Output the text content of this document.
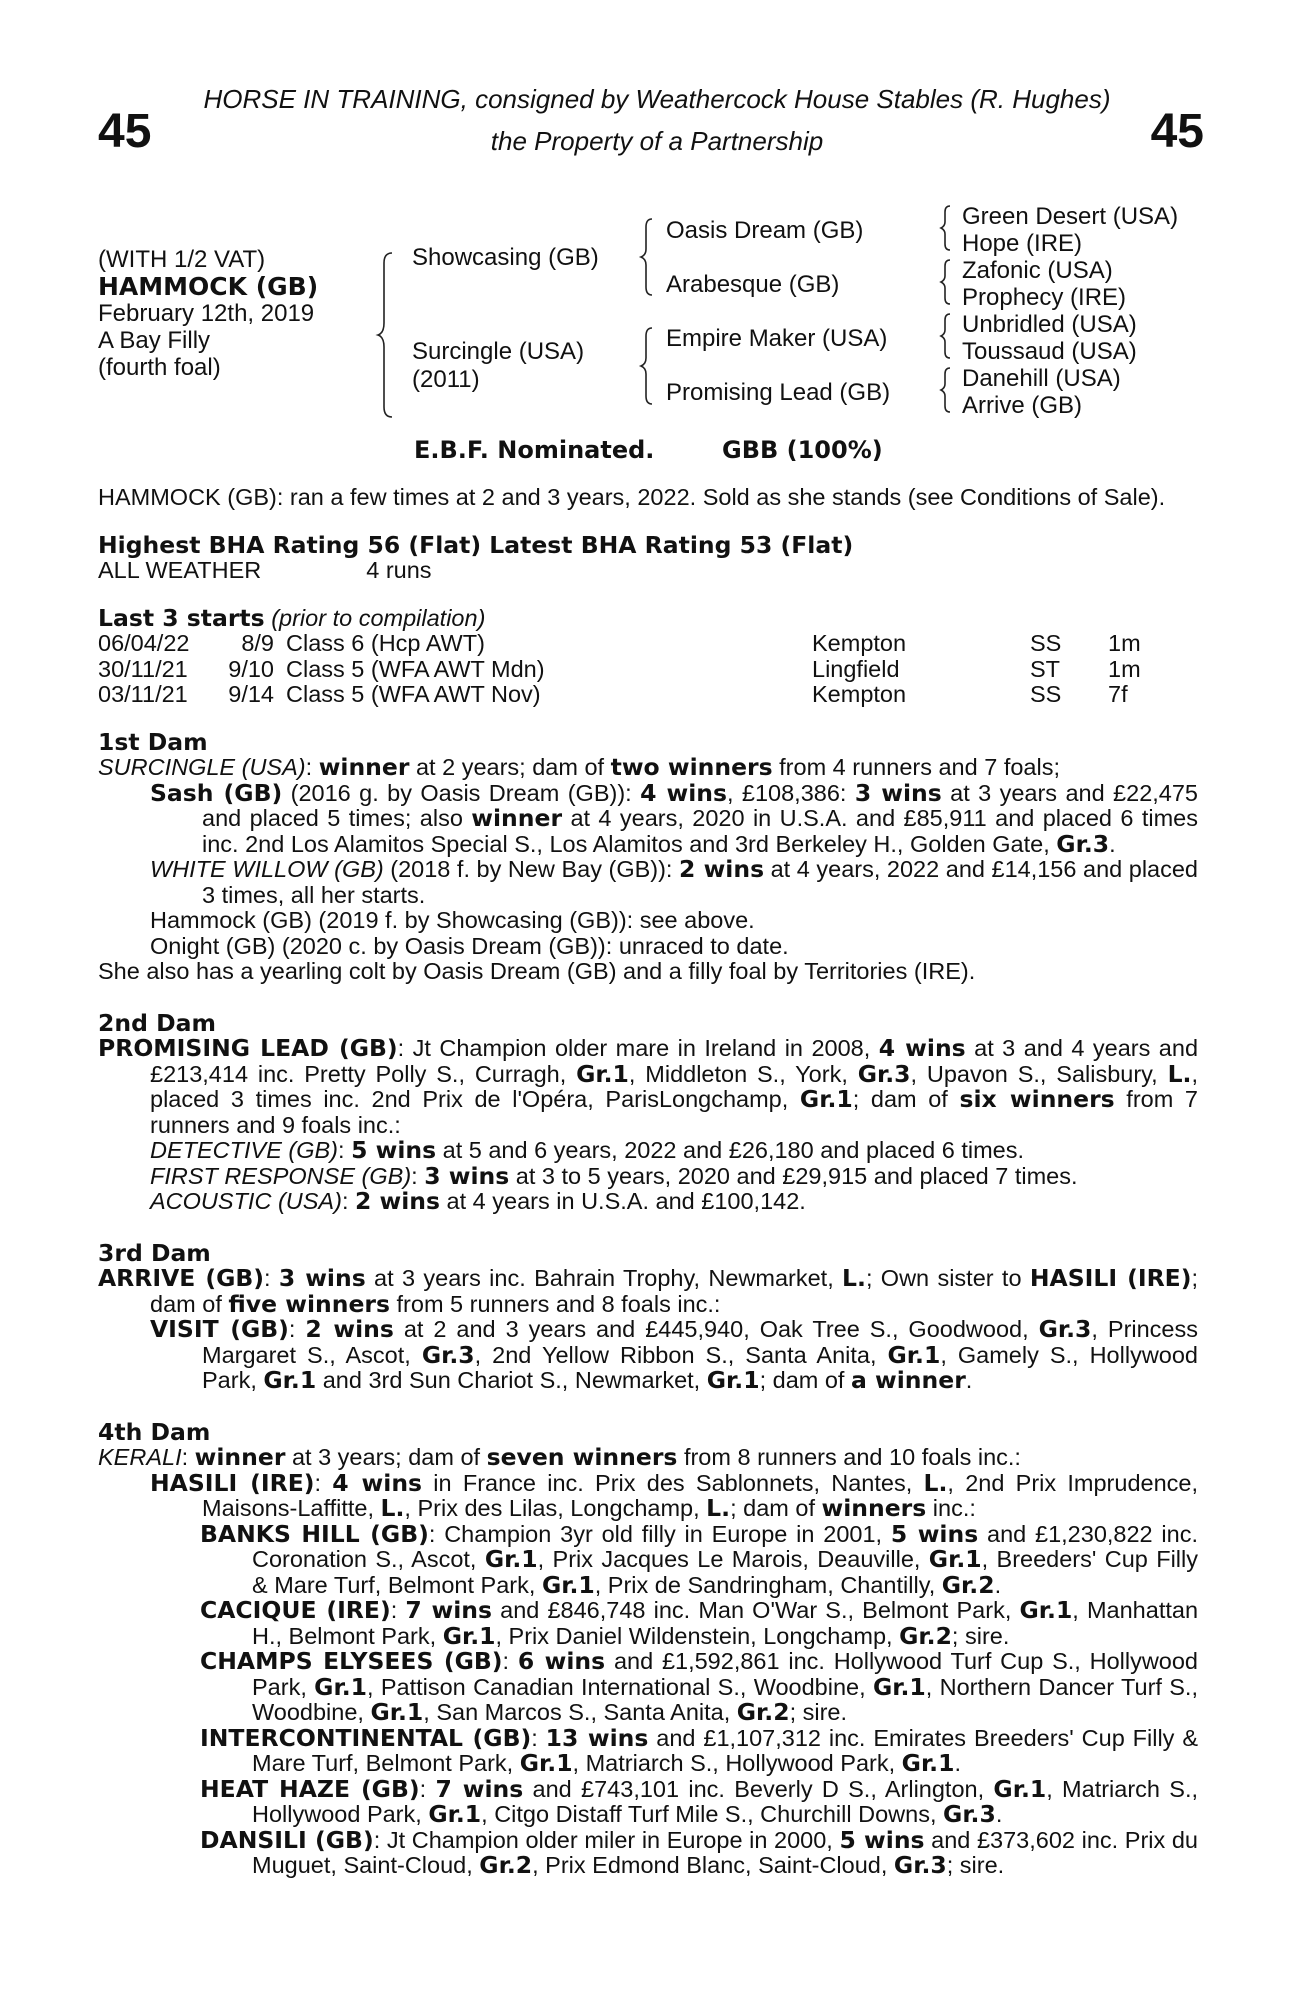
45	45
HORSE IN TRAINING, consigned by Weathercock House Stables (R. Hughes)
the Property of a Partnership
(WITH 1/2 VAT)
HAMMOCK (GB)
February 12th, 2019
A Bay Filly
(fourth foal)
Showcasing (GB)
Surcingle (USA)
(2011)
Oasis Dream (GB)
Arabesque (GB)
Empire Maker (USA)
Promising Lead (GB)
Green Desert (USA)
Hope (IRE)
Zafonic (USA)
Prophecy (IRE)
Unbridled (USA)
Toussaud (USA)
Danehill (USA)
Arrive (GB)
E.B.F. Nominated.	GBB (100%)

HAMMOCK (GB): ran a few times at 2 and 3 years, 2022. Sold as she stands (see Conditions of Sale).

Highest BHA Rating 56 (Flat) Latest BHA Rating 53 (Flat)

ALL WEATHER	4 runs

Last 3 starts (prior to compilation)

06/04/22	8/9	Class 6 (Hcp AWT)	Kempton	SS	1m
30/11/21	9/10	Class 5 (WFA AWT Mdn)	Lingfield	ST	1m
03/11/21	9/14	Class 5 (WFA AWT Nov)	Kempton	SS	7f

1st Dam

SURCINGLE (USA): winner at 2 years; dam of two winners from 4 runners and 7 foals;

Sash (GB) (2016 g. by Oasis Dream (GB)): 4 wins, £108,386: 3 wins at 3 years and £22,475 and placed 5 times; also winner at 4 years, 2020 in U.S.A. and £85,911 and placed 6 times inc. 2nd Los Alamitos Special S., Los Alamitos and 3rd Berkeley H., Golden Gate, Gr.3.

WHITE WILLOW (GB) (2018 f. by New Bay (GB)): 2 wins at 4 years, 2022 and £14,156 and placed 3 times, all her starts.

Hammock (GB) (2019 f. by Showcasing (GB)): see above.

Onight (GB) (2020 c. by Oasis Dream (GB)): unraced to date.

She also has a yearling colt by Oasis Dream (GB) and a filly foal by Territories (IRE).

2nd Dam

PROMISING LEAD (GB): Jt Champion older mare in Ireland in 2008, 4 wins at 3 and 4 years and £213,414 inc. Pretty Polly S., Curragh, Gr.1, Middleton S., York, Gr.3, Upavon S., Salisbury, L., placed 3 times inc. 2nd Prix de l'Opéra, ParisLongchamp, Gr.1; dam of six winners from 7 runners and 9 foals inc.:

DETECTIVE (GB): 5 wins at 5 and 6 years, 2022 and £26,180 and placed 6 times.

FIRST RESPONSE (GB): 3 wins at 3 to 5 years, 2020 and £29,915 and placed 7 times.

ACOUSTIC (USA): 2 wins at 4 years in U.S.A. and £100,142.

3rd Dam

ARRIVE (GB): 3 wins at 3 years inc. Bahrain Trophy, Newmarket, L.; Own sister to HASILI (IRE); dam of five winners from 5 runners and 8 foals inc.:

VISIT (GB): 2 wins at 2 and 3 years and £445,940, Oak Tree S., Goodwood, Gr.3, Princess Margaret S., Ascot, Gr.3, 2nd Yellow Ribbon S., Santa Anita, Gr.1, Gamely S., Hollywood Park, Gr.1 and 3rd Sun Chariot S., Newmarket, Gr.1; dam of a winner.

4th Dam

KERALI: winner at 3 years; dam of seven winners from 8 runners and 10 foals inc.:

HASILI (IRE): 4 wins in France inc. Prix des Sablonnets, Nantes, L., 2nd Prix Imprudence, Maisons-Laffitte, L., Prix des Lilas, Longchamp, L.; dam of winners inc.:

BANKS HILL (GB): Champion 3yr old filly in Europe in 2001, 5 wins and £1,230,822 inc. Coronation S., Ascot, Gr.1, Prix Jacques Le Marois, Deauville, Gr.1, Breeders' Cup Filly & Mare Turf, Belmont Park, Gr.1, Prix de Sandringham, Chantilly, Gr.2.

CACIQUE (IRE): 7 wins and £846,748 inc. Man O'War S., Belmont Park, Gr.1, Manhattan H., Belmont Park, Gr.1, Prix Daniel Wildenstein, Longchamp, Gr.2; sire.

CHAMPS ELYSEES (GB): 6 wins and £1,592,861 inc. Hollywood Turf Cup S., Hollywood Park, Gr.1, Pattison Canadian International S., Woodbine, Gr.1, Northern Dancer Turf S., Woodbine, Gr.1, San Marcos S., Santa Anita, Gr.2; sire.

INTERCONTINENTAL (GB): 13 wins and £1,107,312 inc. Emirates Breeders' Cup Filly & Mare Turf, Belmont Park, Gr.1, Matriarch S., Hollywood Park, Gr.1.

HEAT HAZE (GB): 7 wins and £743,101 inc. Beverly D S., Arlington, Gr.1, Matriarch S., Hollywood Park, Gr.1, Citgo Distaff Turf Mile S., Churchill Downs, Gr.3.

DANSILI (GB): Jt Champion older miler in Europe in 2000, 5 wins and £373,602 inc. Prix du Muguet, Saint-Cloud, Gr.2, Prix Edmond Blanc, Saint-Cloud, Gr.3; sire.
